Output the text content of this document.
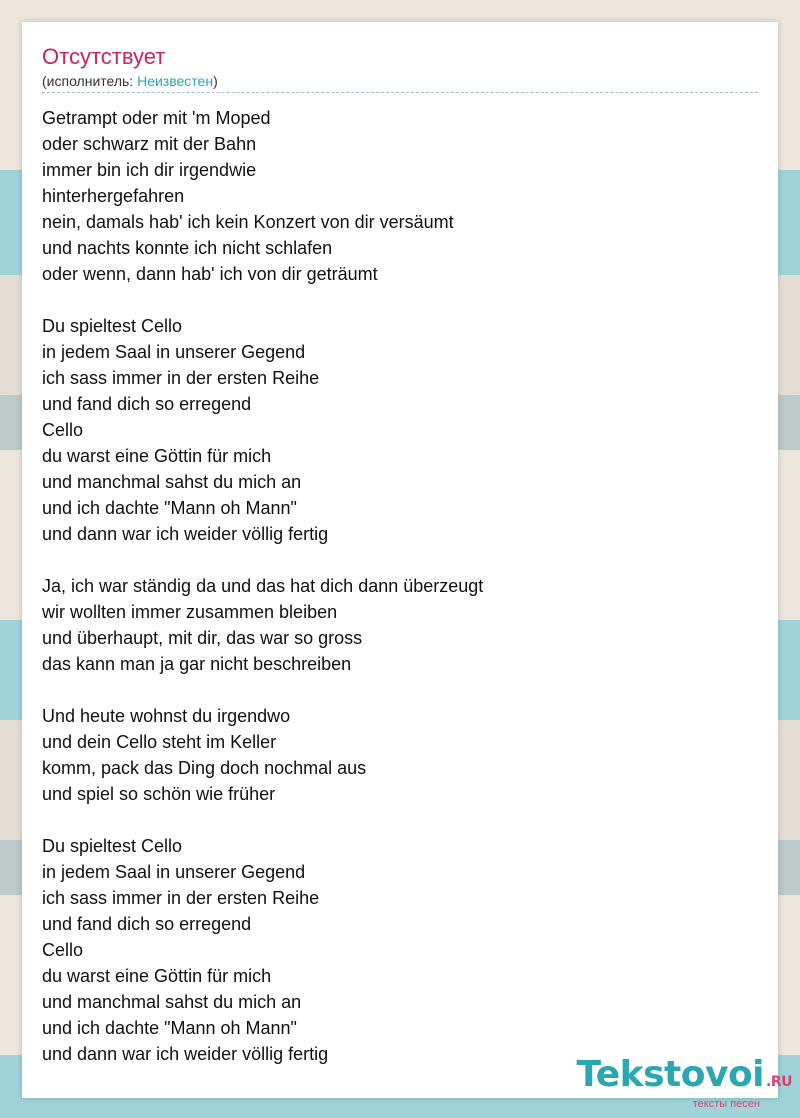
Отсутствует
(исполнитель: Неизвестен)
Getrampt oder mit 'm Moped
oder schwarz mit der Bahn
immer bin ich dir irgendwie
hinterhergefahren
nein, damals hab' ich kein Konzert von dir versäumt
und nachts konnte ich nicht schlafen
oder wenn, dann hab' ich von dir geträumt
Du spieltest Cello
in jedem Saal in unserer Gegend
ich sass immer in der ersten Reihe
und fand dich so erregend
Cello
du warst eine Göttin für mich
und manchmal sahst du mich an
und ich dachte "Mann oh Mann"
und dann war ich weider völlig fertig
Ja, ich war ständig da und das hat dich dann überzeugt
wir wollten immer zusammen bleiben
und überhaupt, mit dir, das war so gross
das kann man ja gar nicht beschreiben
Und heute wohnst du irgendwo
und dein Cello steht im Keller
komm, pack das Ding doch nochmal aus
und spiel so schön wie früher
Du spieltest Cello
in jedem Saal in unserer Gegend
ich sass immer in der ersten Reihe
und fand dich so erregend
Cello
du warst eine Göttin für mich
und manchmal sahst du mich an
und ich dachte "Mann oh Mann"
und dann war ich weider völlig fertig	Tekstovoi .RU
тексты песен
